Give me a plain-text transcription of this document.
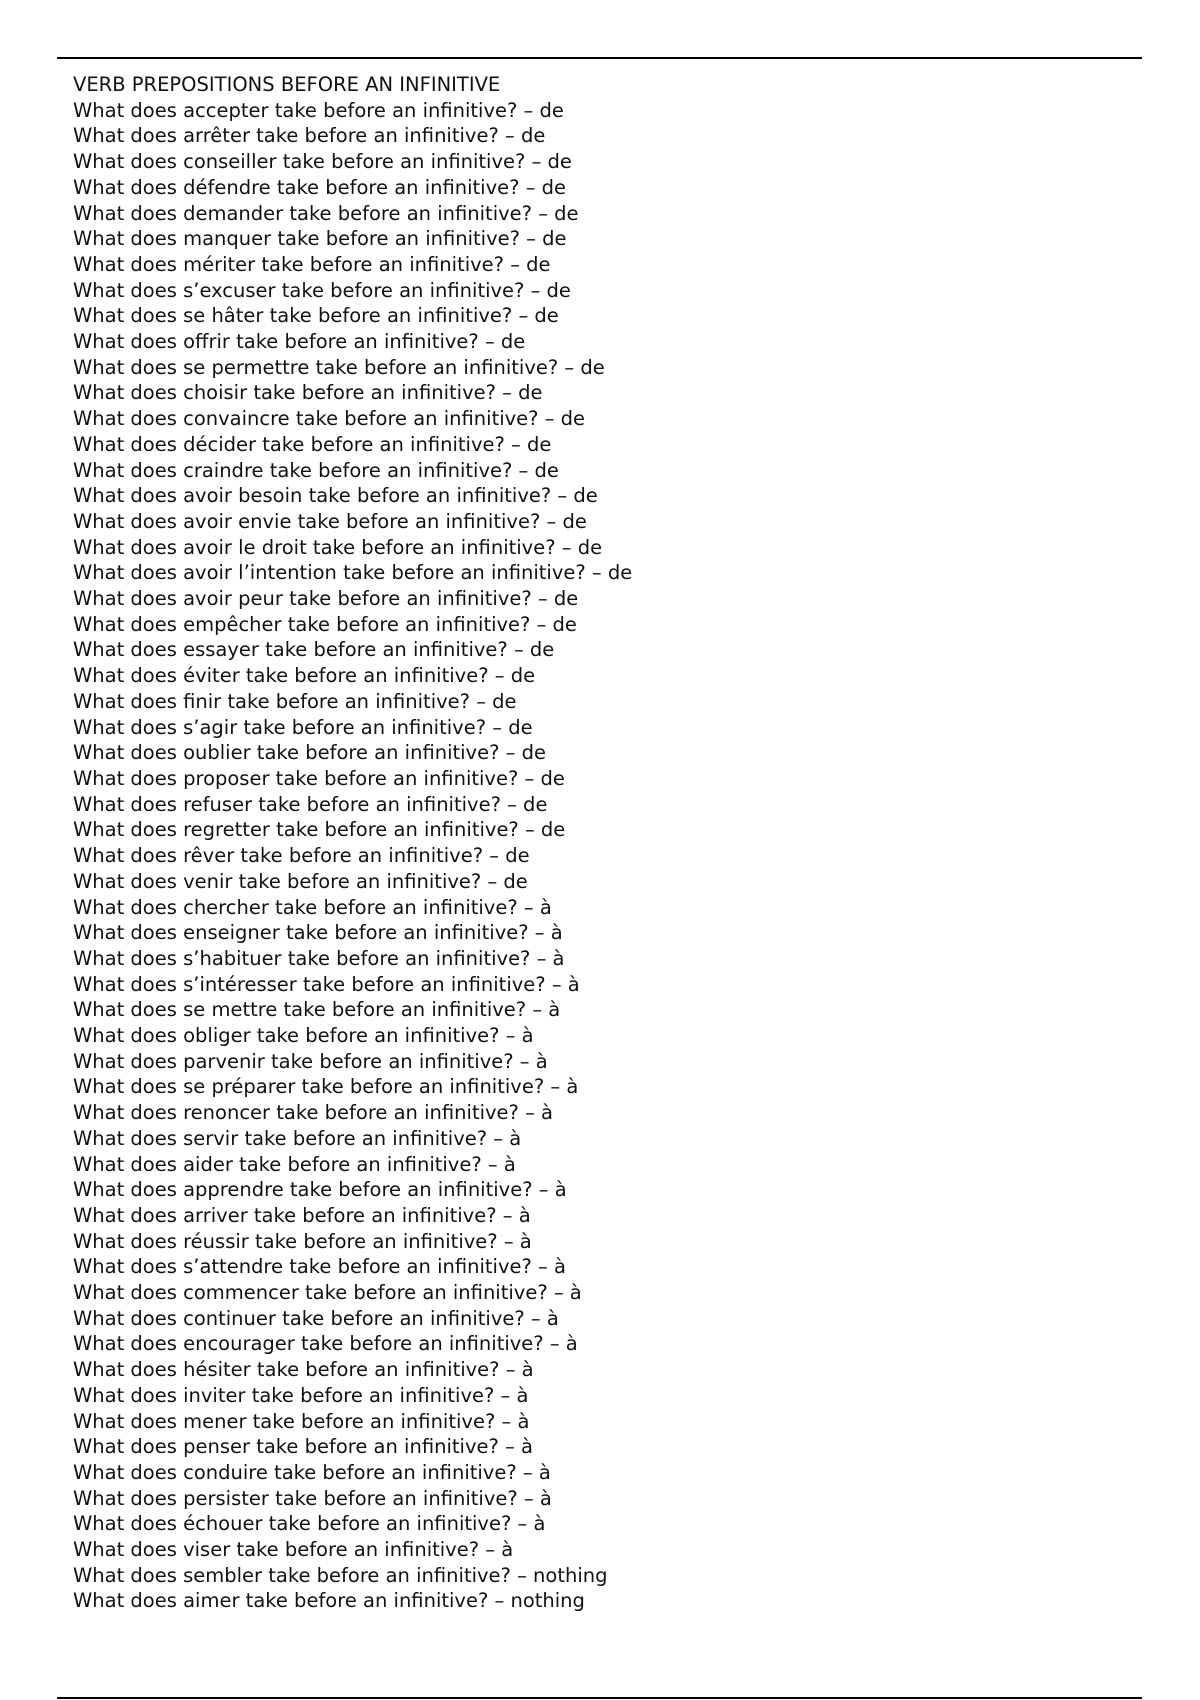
VERB PREPOSITIONS BEFORE AN INFINITIVE
What does accepter take before an infinitive? – de
What does arrêter take before an infinitive? – de
What does conseiller take before an infinitive? – de
What does défendre take before an infinitive? – de
What does demander take before an infinitive? – de
What does manquer take before an infinitive? – de
What does mériter take before an infinitive? – de
What does s’excuser take before an infinitive? – de
What does se hâter take before an infinitive? – de
What does offrir take before an infinitive? – de
What does se permettre take before an infinitive? – de
What does choisir take before an infinitive? – de
What does convaincre take before an infinitive? – de
What does décider take before an infinitive? – de
What does craindre take before an infinitive? – de
What does avoir besoin take before an infinitive? – de
What does avoir envie take before an infinitive? – de
What does avoir le droit take before an infinitive? – de
What does avoir l’intention take before an infinitive? – de
What does avoir peur take before an infinitive? – de
What does empêcher take before an infinitive? – de
What does essayer take before an infinitive? – de
What does éviter take before an infinitive? – de
What does finir take before an infinitive? – de
What does s’agir take before an infinitive? – de
What does oublier take before an infinitive? – de
What does proposer take before an infinitive? – de
What does refuser take before an infinitive? – de
What does regretter take before an infinitive? – de
What does rêver take before an infinitive? – de
What does venir take before an infinitive? – de
What does chercher take before an infinitive? – à
What does enseigner take before an infinitive? – à
What does s’habituer take before an infinitive? – à
What does s’intéresser take before an infinitive? – à
What does se mettre take before an infinitive? – à
What does obliger take before an infinitive? – à
What does parvenir take before an infinitive? – à
What does se préparer take before an infinitive? – à
What does renoncer take before an infinitive? – à
What does servir take before an infinitive? – à
What does aider take before an infinitive? – à
What does apprendre take before an infinitive? – à
What does arriver take before an infinitive? – à
What does réussir take before an infinitive? – à
What does s’attendre take before an infinitive? – à
What does commencer take before an infinitive? – à
What does continuer take before an infinitive? – à
What does encourager take before an infinitive? – à
What does hésiter take before an infinitive? – à
What does inviter take before an infinitive? – à
What does mener take before an infinitive? – à
What does penser take before an infinitive? – à
What does conduire take before an infinitive? – à
What does persister take before an infinitive? – à
What does échouer take before an infinitive? – à
What does viser take before an infinitive? – à
What does sembler take before an infinitive? – nothing
What does aimer take before an infinitive? – nothing
